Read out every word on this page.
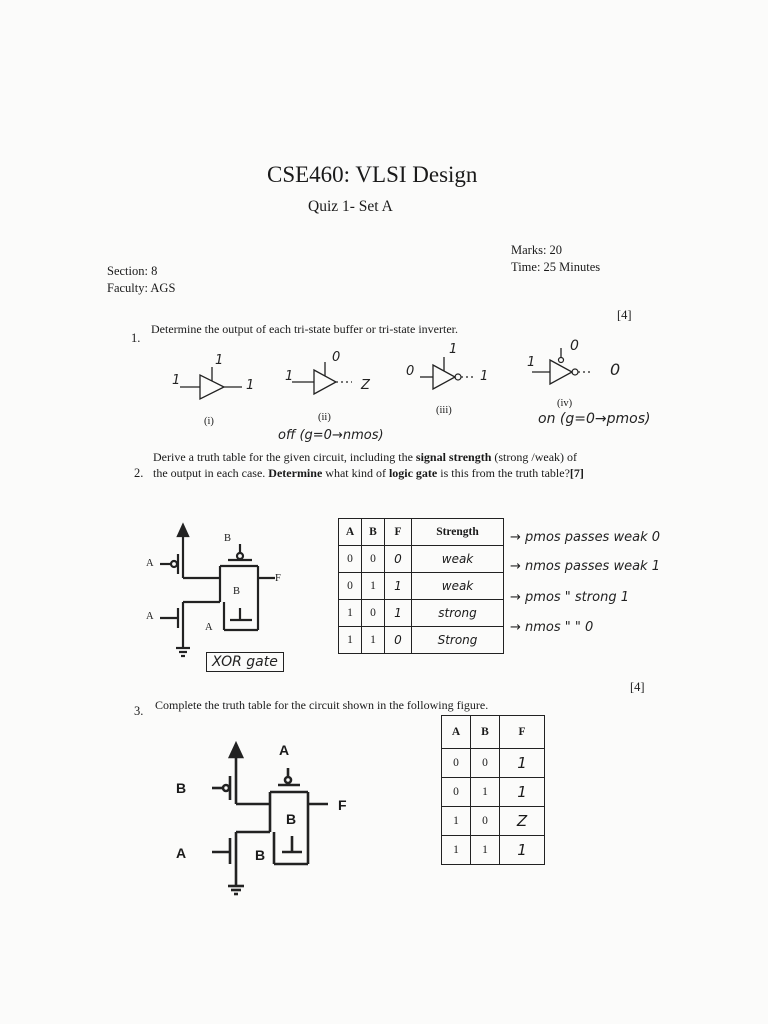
CSE460: VLSI Design
Quiz 1- Set A
Marks: 20
Time: 25 Minutes
Section: 8
Faculty: AGS
1.
Determine the output of each tri-state buffer or tri-state inverter.
[4]
1
1
1
(i)
1
0
Z
(ii)
off (g=0→nmos)
0
1
1
(iii)
1
0
0
(iv)
on (g=0→pmos)
2.
Derive a truth table for the given circuit, including the signal strength (strong /weak) of
the output in each case. Determine what kind of logic gate is this from the truth table?[7]
B
A
F
B
A
A
XOR gate
A	B	F	Strength
0	0	0	weak
0	1	1	weak
1	0	1	strong
1	1	0	Strong
→ pmos passes weak 0
→ nmos passes weak 1
→ pmos " strong 1
→ nmos " " 0
3. Complete the truth table for the circuit shown in the following figure.
[4]
A
B
F
B
A	B
A	B	F
0	0	1
0	1	1
1	0	Z
1	1	1
